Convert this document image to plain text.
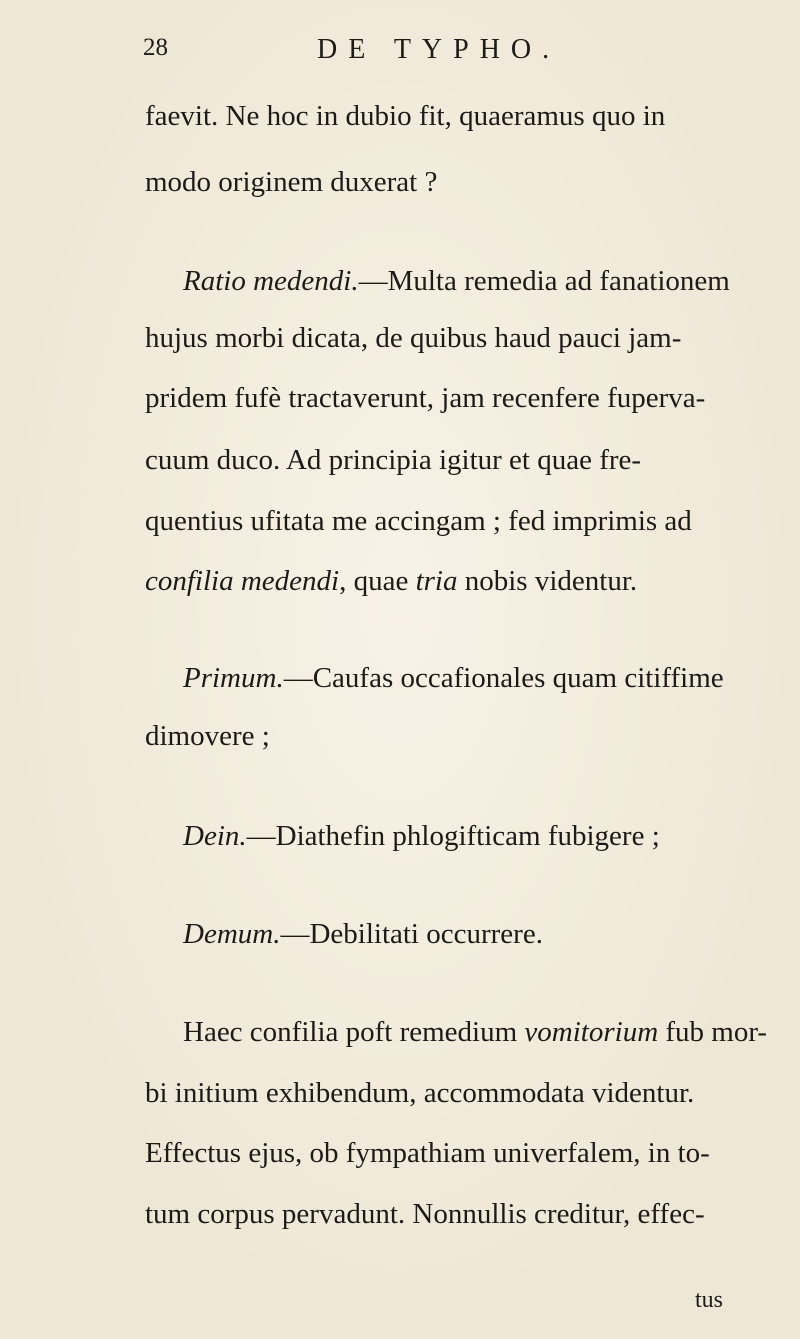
28	DE TYPHO.
faevit. Ne hoc in dubio fit, quaeramus quo in
modo originem duxerat ?
Ratio medendi.—Multa remedia ad fanationem
hujus morbi dicata, de quibus haud pauci jam-
pridem fufè tractaverunt, jam recenfere fuperva-
cuum duco. Ad principia igitur et quae fre-
quentius ufitata me accingam ; fed imprimis ad
confilia medendi, quae tria nobis videntur.
Primum.—Caufas occafionales quam citiffime
dimovere ;
Dein.—Diathefin phlogifticam fubigere ;
Demum.—Debilitati occurrere.
Haec confilia poft remedium vomitorium fub mor-
bi initium exhibendum, accommodata videntur.
Effectus ejus, ob fympathiam univerfalem, in to-
tum corpus pervadunt. Nonnullis creditur, effec-
tus
